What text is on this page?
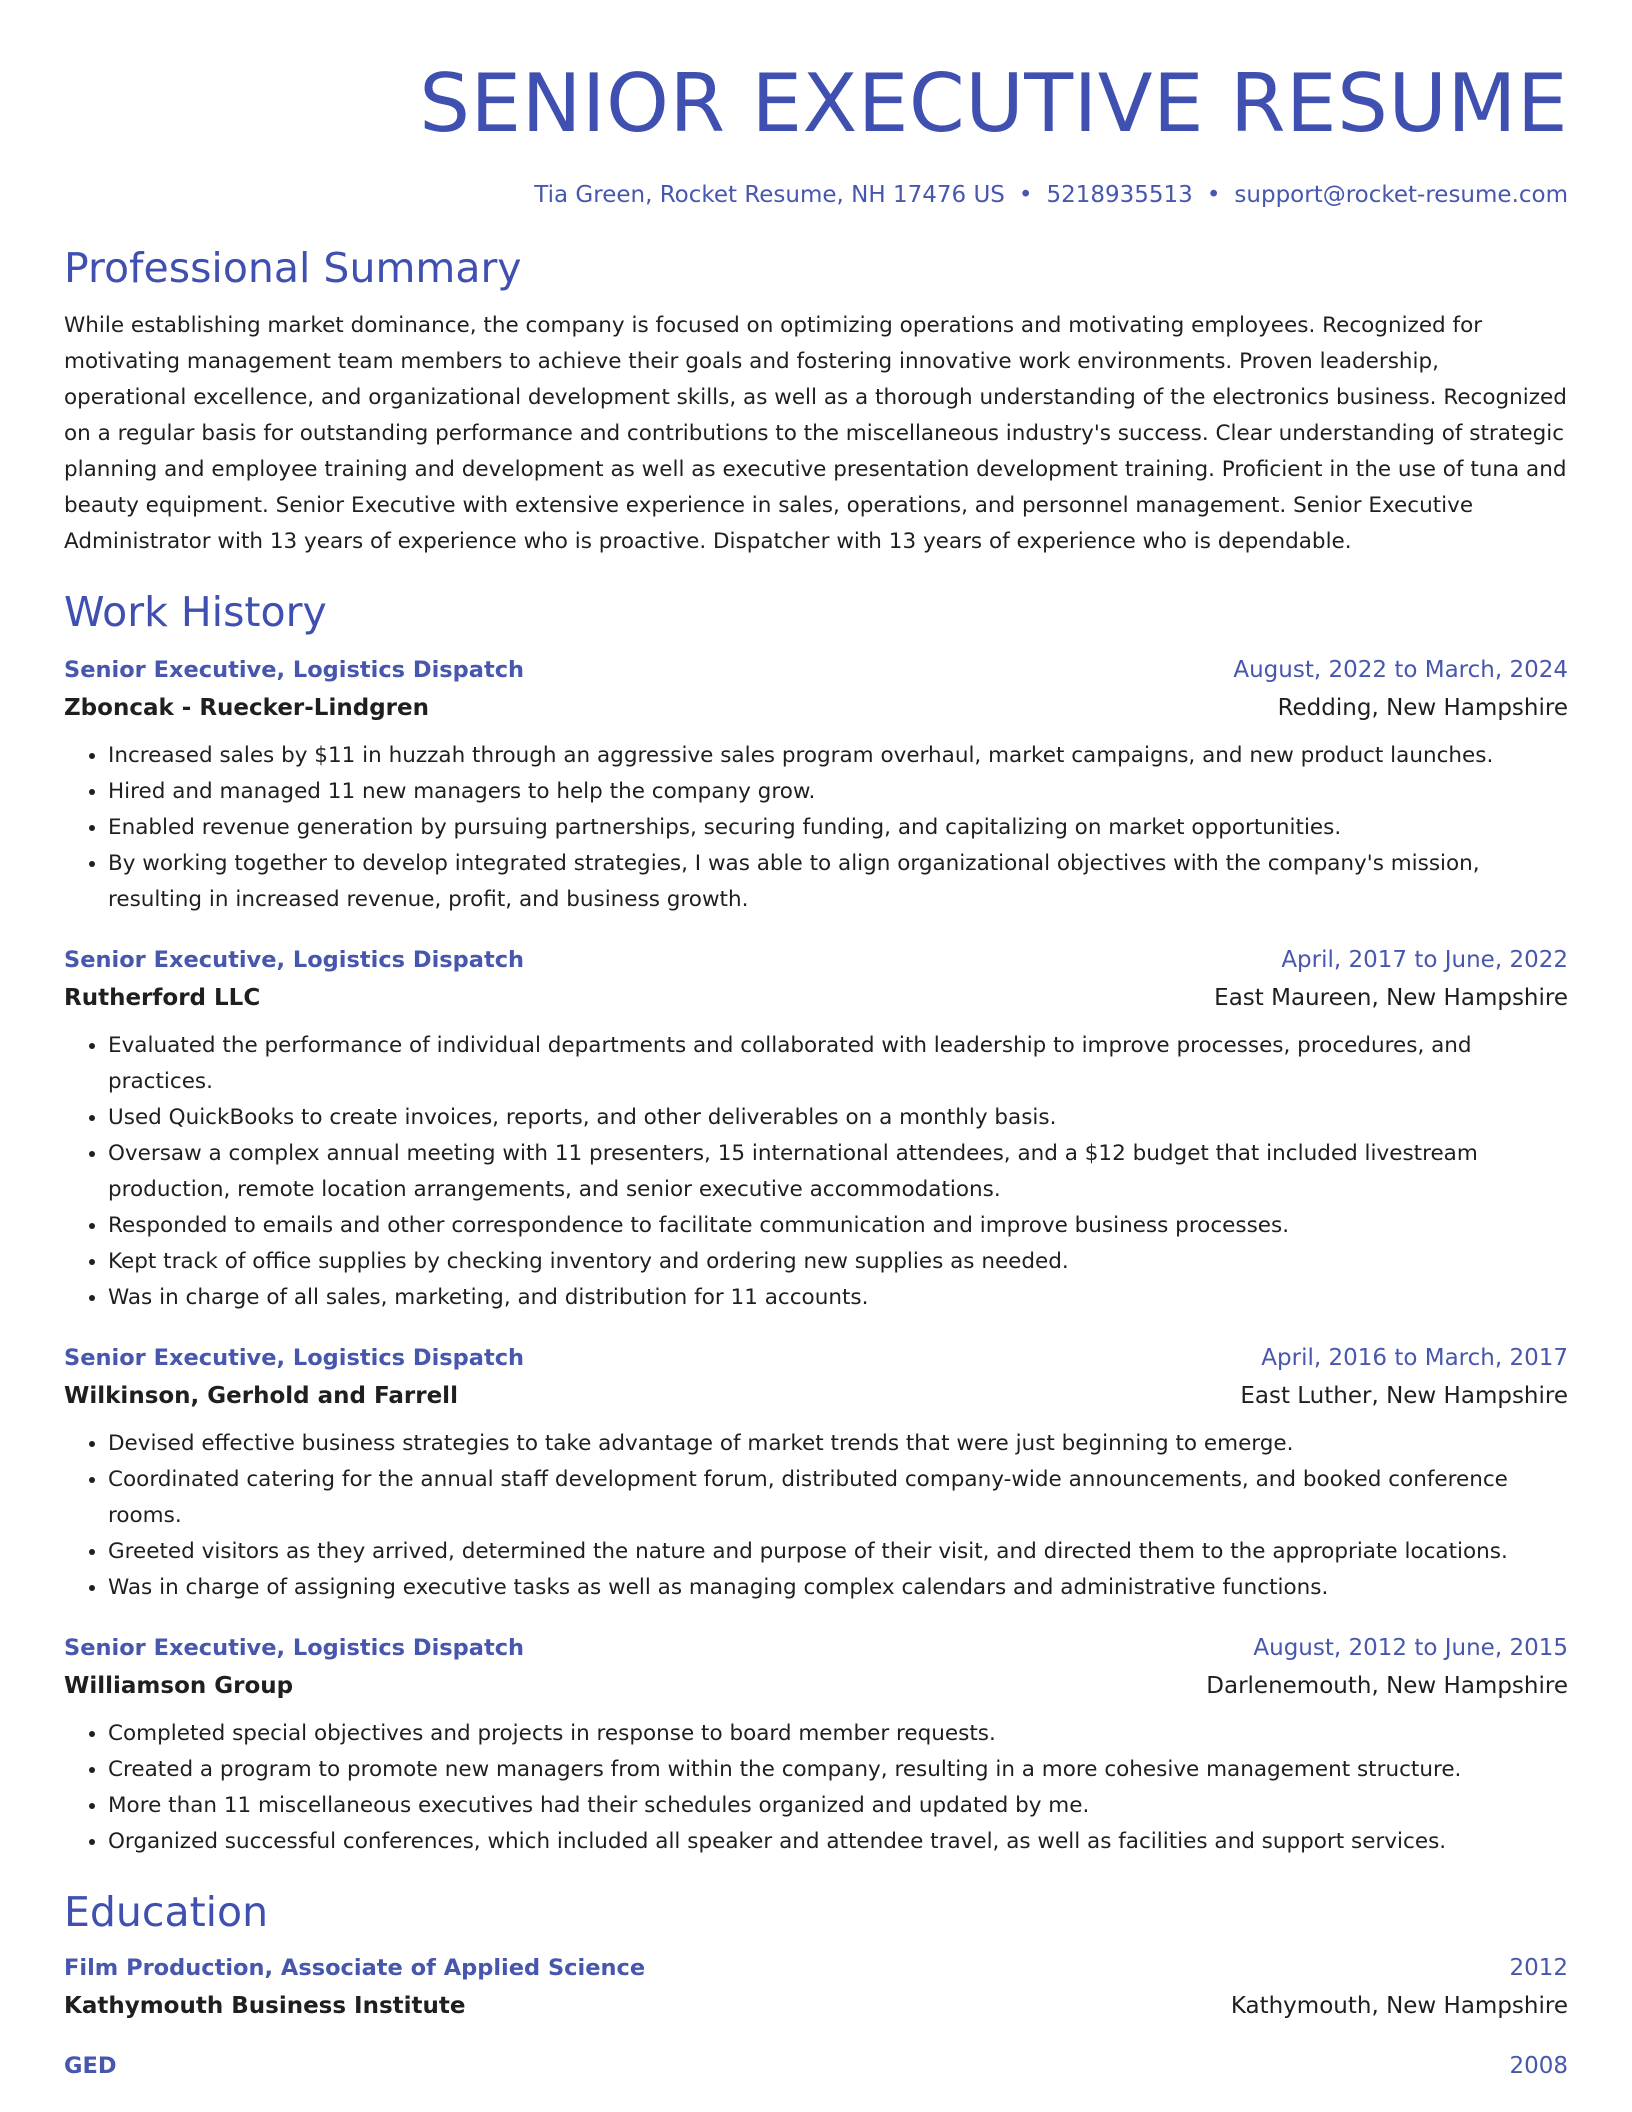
SENIOR EXECUTIVE RESUME
Tia Green, Rocket Resume, NH 17476 US • 5218935513 • support@rocket-resume.com
Professional Summary
While establishing market dominance, the company is focused on optimizing operations and motivating employees. Recognized for motivating management team members to achieve their goals and fostering innovative work environments. Proven leadership, operational excellence, and organizational development skills, as well as a thorough understanding of the electronics business. Recognized on a regular basis for outstanding performance and contributions to the miscellaneous industry's success. Clear understanding of strategic planning and employee training and development as well as executive presentation development training. Proficient in the use of tuna and beauty equipment. Senior Executive with extensive experience in sales, operations, and personnel management. Senior Executive Administrator with 13 years of experience who is proactive. Dispatcher with 13 years of experience who is dependable.
Work History
Senior Executive, Logistics Dispatch	August, 2022 to March, 2024
Zboncak - Ruecker-Lindgren	Redding, New Hampshire
• Increased sales by $11 in huzzah through an aggressive sales program overhaul, market campaigns, and new product launches.
• Hired and managed 11 new managers to help the company grow.
• Enabled revenue generation by pursuing partnerships, securing funding, and capitalizing on market opportunities.
• By working together to develop integrated strategies, I was able to align organizational objectives with the company's mission, resulting in increased revenue, profit, and business growth.
Senior Executive, Logistics Dispatch	April, 2017 to June, 2022
Rutherford LLC	East Maureen, New Hampshire
• Evaluated the performance of individual departments and collaborated with leadership to improve processes, procedures, and practices.
• Used QuickBooks to create invoices, reports, and other deliverables on a monthly basis.
• Oversaw a complex annual meeting with 11 presenters, 15 international attendees, and a $12 budget that included livestream production, remote location arrangements, and senior executive accommodations.
• Responded to emails and other correspondence to facilitate communication and improve business processes.
• Kept track of office supplies by checking inventory and ordering new supplies as needed.
• Was in charge of all sales, marketing, and distribution for 11 accounts.
Senior Executive, Logistics Dispatch	April, 2016 to March, 2017
Wilkinson, Gerhold and Farrell	East Luther, New Hampshire
• Devised effective business strategies to take advantage of market trends that were just beginning to emerge.
• Coordinated catering for the annual staff development forum, distributed company-wide announcements, and booked conference rooms.
• Greeted visitors as they arrived, determined the nature and purpose of their visit, and directed them to the appropriate locations.
• Was in charge of assigning executive tasks as well as managing complex calendars and administrative functions.
Senior Executive, Logistics Dispatch	August, 2012 to June, 2015
Williamson Group	Darlenemouth, New Hampshire
• Completed special objectives and projects in response to board member requests.
• Created a program to promote new managers from within the company, resulting in a more cohesive management structure.
• More than 11 miscellaneous executives had their schedules organized and updated by me.
• Organized successful conferences, which included all speaker and attendee travel, as well as facilities and support services.
Education
Film Production, Associate of Applied Science	2012
Kathymouth Business Institute	Kathymouth, New Hampshire
GED	2008
